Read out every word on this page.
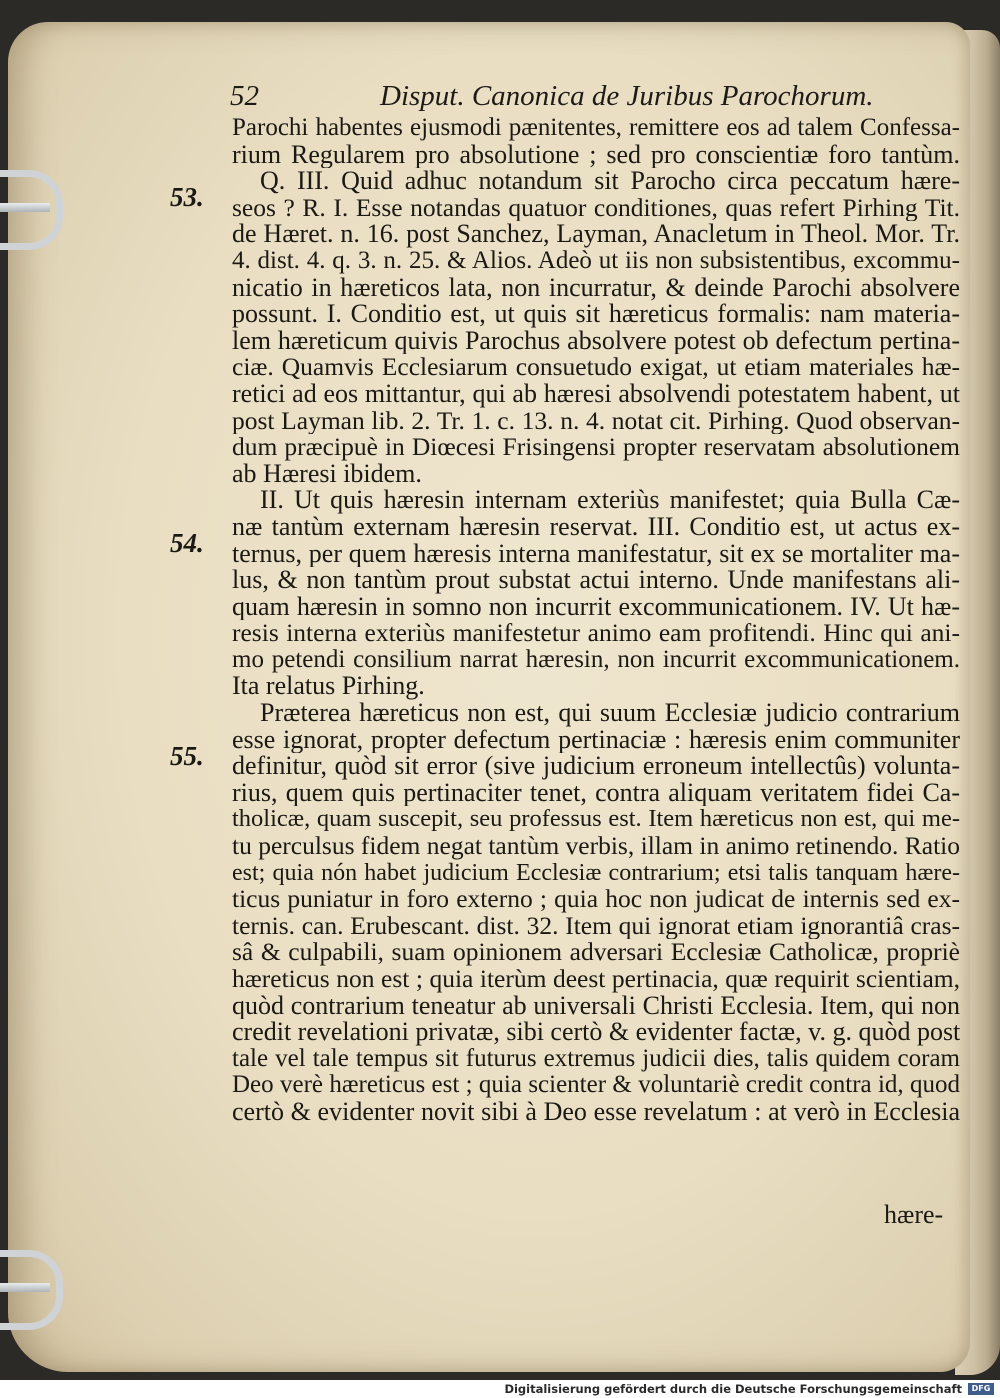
52	Disput. Canonica de Juribus Parochorum.
53.
54.
55.
Parochi habentes ejusmodi pænitentes, remittere eos ad talem Confessa-
rium Regularem pro absolutione ; sed pro conscientiæ foro tantùm.
Q. III. Quid adhuc notandum sit Parocho circa peccatum hære-
seos ? R. I. Esse notandas quatuor conditiones, quas refert Pirhing Tit.
de Hæret. n. 16. post Sanchez, Layman, Anacletum in Theol. Mor. Tr.
4. dist. 4. q. 3. n. 25. & Alios. Adeò ut iis non subsistentibus, excommu-
nicatio in hæreticos lata, non incurratur, & deinde Parochi absolvere
possunt. I. Conditio est, ut quis sit hæreticus formalis: nam materia-
lem hæreticum quivis Parochus absolvere potest ob defectum pertina-
ciæ. Quamvis Ecclesiarum consuetudo exigat, ut etiam materiales hæ-
retici ad eos mittantur, qui ab hæresi absolvendi potestatem habent, ut
post Layman lib. 2. Tr. 1. c. 13. n. 4. notat cit. Pirhing. Quod observan-
dum præcipuè in Diœcesi Frisingensi propter reservatam absolutionem
ab Hæresi ibidem.
II. Ut quis hæresin internam exteriùs manifestet; quia Bulla Cæ-
næ tantùm externam hæresin reservat. III. Conditio est, ut actus ex-
ternus, per quem hæresis interna manifestatur, sit ex se mortaliter ma-
lus, & non tantùm prout substat actui interno. Unde manifestans ali-
quam hæresin in somno non incurrit excommunicationem. IV. Ut hæ-
resis interna exteriùs manifestetur animo eam profitendi. Hinc qui ani-
mo petendi consilium narrat hæresin, non incurrit excommunicationem.
Ita relatus Pirhing.
Præterea hæreticus non est, qui suum Ecclesiæ judicio contrarium
esse ignorat, propter defectum pertinaciæ : hæresis enim communiter
definitur, quòd sit error (sive judicium erroneum intellectûs) volunta-
rius, quem quis pertinaciter tenet, contra aliquam veritatem fidei Ca-
tholicæ, quam suscepit, seu professus est. Item hæreticus non est, qui me-
tu perculsus fidem negat tantùm verbis, illam in animo retinendo. Ratio
est; quia nón habet judicium Ecclesiæ contrarium; etsi talis tanquam hære-
ticus puniatur in foro externo ; quia hoc non judicat de internis sed ex-
ternis. can. Erubescant. dist. 32. Item qui ignorat etiam ignorantiâ cras-
sâ & culpabili, suam opinionem adversari Ecclesiæ Catholicæ, propriè
hæreticus non est ; quia iterùm deest pertinacia, quæ requirit scientiam,
quòd contrarium teneatur ab universali Christi Ecclesia. Item, qui non
credit revelationi privatæ, sibi certò & evidenter factæ, v. g. quòd post
tale vel tale tempus sit futurus extremus judicii dies, talis quidem coram
Deo verè hæreticus est ; quia scienter & voluntariè credit contra id, quod
certò & evidenter novit sibi à Deo esse revelatum : at verò in Ecclesia
hære-
Digitalisierung gefördert durch die Deutsche Forschungsgemeinschaft	DFG
